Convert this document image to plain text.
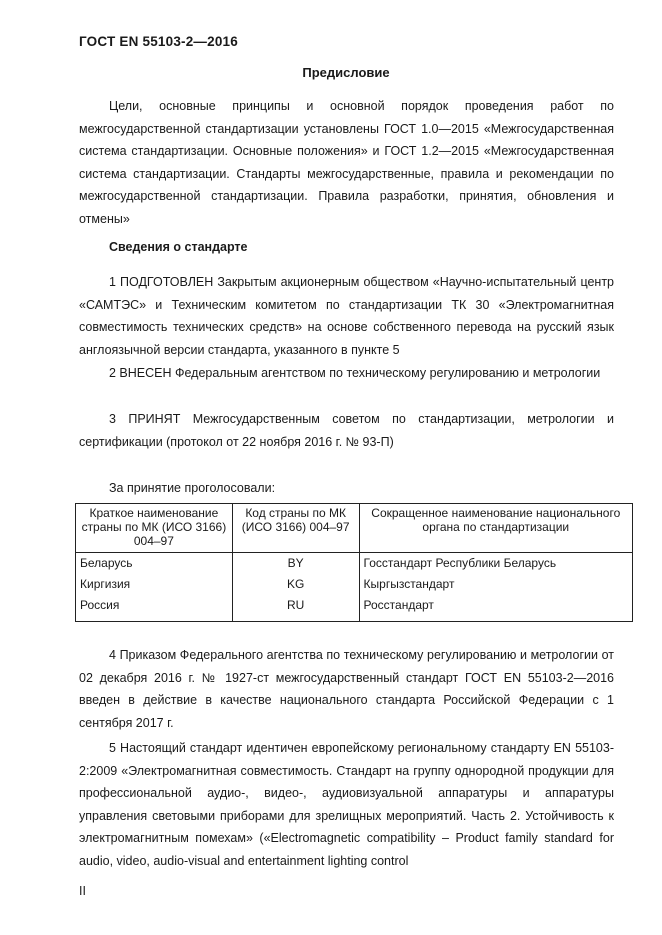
ГОСТ EN 55103-2—2016
Предисловие
Цели, основные принципы и основной порядок проведения работ по межгосударственной стандартизации установлены ГОСТ 1.0—2015 «Межгосударственная система стандартизации. Основные положения» и ГОСТ 1.2—2015 «Межгосударственная система стандартизации. Стандарты межгосударственные, правила и рекомендации по межгосударственной стандартизации. Правила разработки, принятия, обновления и отмены»
Сведения о стандарте
1 ПОДГОТОВЛЕН Закрытым акционерным обществом «Научно-испытательный центр «САМТЭС» и Техническим комитетом по стандартизации ТК 30 «Электромагнитная совместимость технических средств» на основе собственного перевода на русский язык англоязычной версии стандарта, указанного в пункте 5
2 ВНЕСЕН Федеральным агентством по техническому регулированию и метрологии
3 ПРИНЯТ Межгосударственным советом по стандартизации, метрологии и сертификации (протокол от 22 ноября 2016 г. № 93-П)
За принятие проголосовали:
Краткое наименование страны по МК (ИСО 3166) 004–97	Код страны по МК (ИСО 3166) 004–97	Сокращенное наименование национального органа по стандартизации
Беларусь	BY	Госстандарт Республики Беларусь
Киргизия	KG	Кыргызстандарт
Россия	RU	Росстандарт
4 Приказом Федерального агентства по техническому регулированию и метрологии от 02 декабря 2016 г. № 1927-ст межгосударственный стандарт ГОСТ EN 55103-2—2016 введен в действие в качестве национального стандарта Российской Федерации с 1 сентября 2017 г.
5 Настоящий стандарт идентичен европейскому региональному стандарту EN 55103-2:2009 «Электромагнитная совместимость. Стандарт на группу однородной продукции для профессиональной аудио-, видео-, аудиовизуальной аппаратуры и аппаратуры управления световыми приборами для зрелищных мероприятий. Часть 2. Устойчивость к электромагнитным помехам» («Electromagnetic compatibility – Product family standard for audio, video, audio-visual and entertainment lighting control
II
